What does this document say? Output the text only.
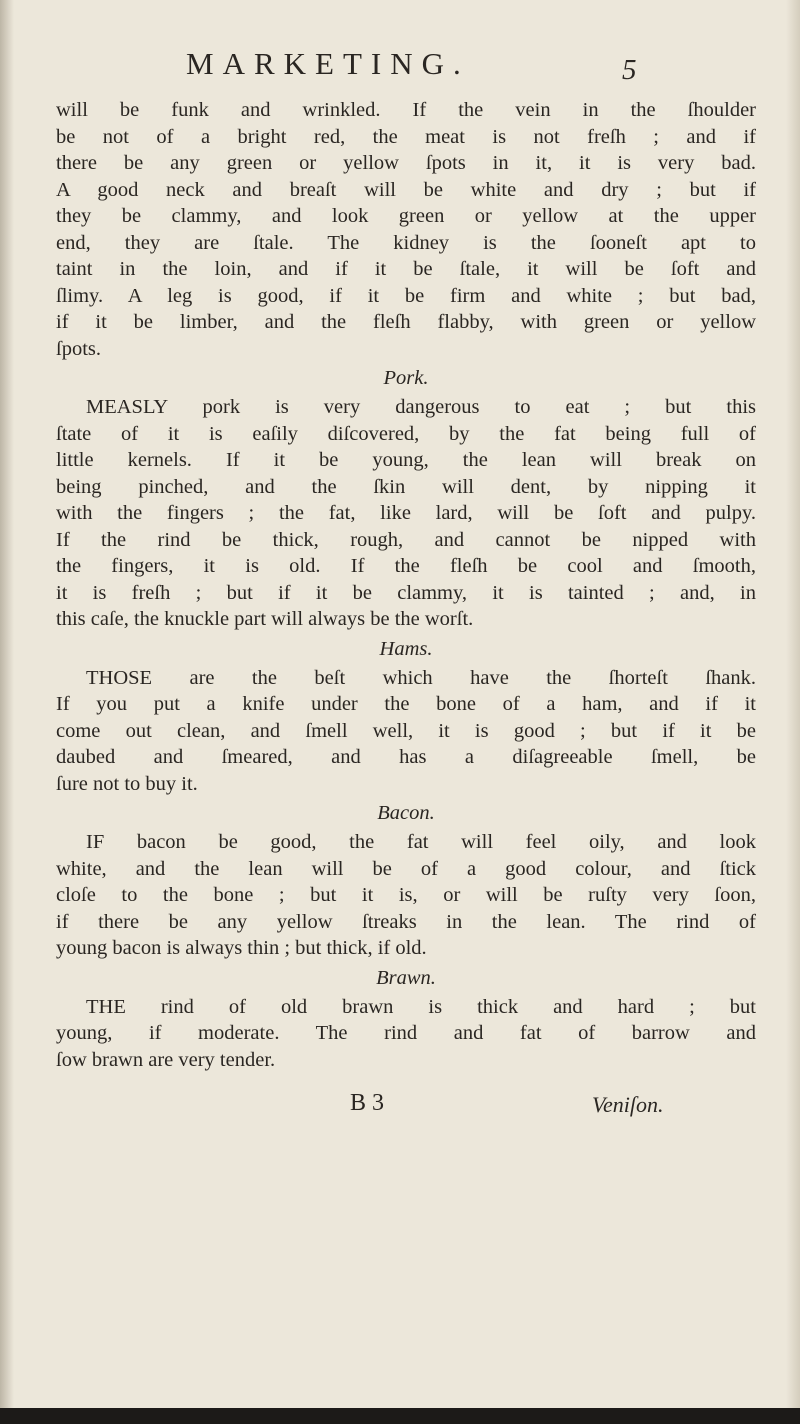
MARKETING.	5
will be funk and wrinkled. If the vein in the ſhoulder
be not of a bright red, the meat is not freſh ; and if
there be any green or yellow ſpots in it, it is very bad.
A good neck and breaſt will be white and dry ; but if
they be clammy, and look green or yellow at the upper
end, they are ſtale. The kidney is the ſooneſt apt to
taint in the loin, and if it be ſtale, it will be ſoft and
ſlimy. A leg is good, if it be firm and white ; but bad,
if it be limber, and the fleſh flabby, with green or yellow
ſpots.
Pork.
MEASLY pork is very dangerous to eat ; but this
ſtate of it is eaſily diſcovered, by the fat being full of
little kernels. If it be young, the lean will break on
being pinched, and the ſkin will dent, by nipping it
with the fingers ; the fat, like lard, will be ſoft and pulpy.
If the rind be thick, rough, and cannot be nipped with
the fingers, it is old. If the fleſh be cool and ſmooth,
it is freſh ; but if it be clammy, it is tainted ; and, in
this caſe, the knuckle part will always be the worſt.
Hams.
THOSE are the beſt which have the ſhorteſt ſhank.
If you put a knife under the bone of a ham, and if it
come out clean, and ſmell well, it is good ; but if it be
daubed and ſmeared, and has a diſagreeable ſmell, be
ſure not to buy it.
Bacon.
IF bacon be good, the fat will feel oily, and look
white, and the lean will be of a good colour, and ſtick
cloſe to the bone ; but it is, or will be ruſty very ſoon,
if there be any yellow ſtreaks in the lean. The rind of
young bacon is always thin ; but thick, if old.
Brawn.
THE rind of old brawn is thick and hard ; but
young, if moderate. The rind and fat of barrow and
ſow brawn are very tender.
B 3	Veniſon.
